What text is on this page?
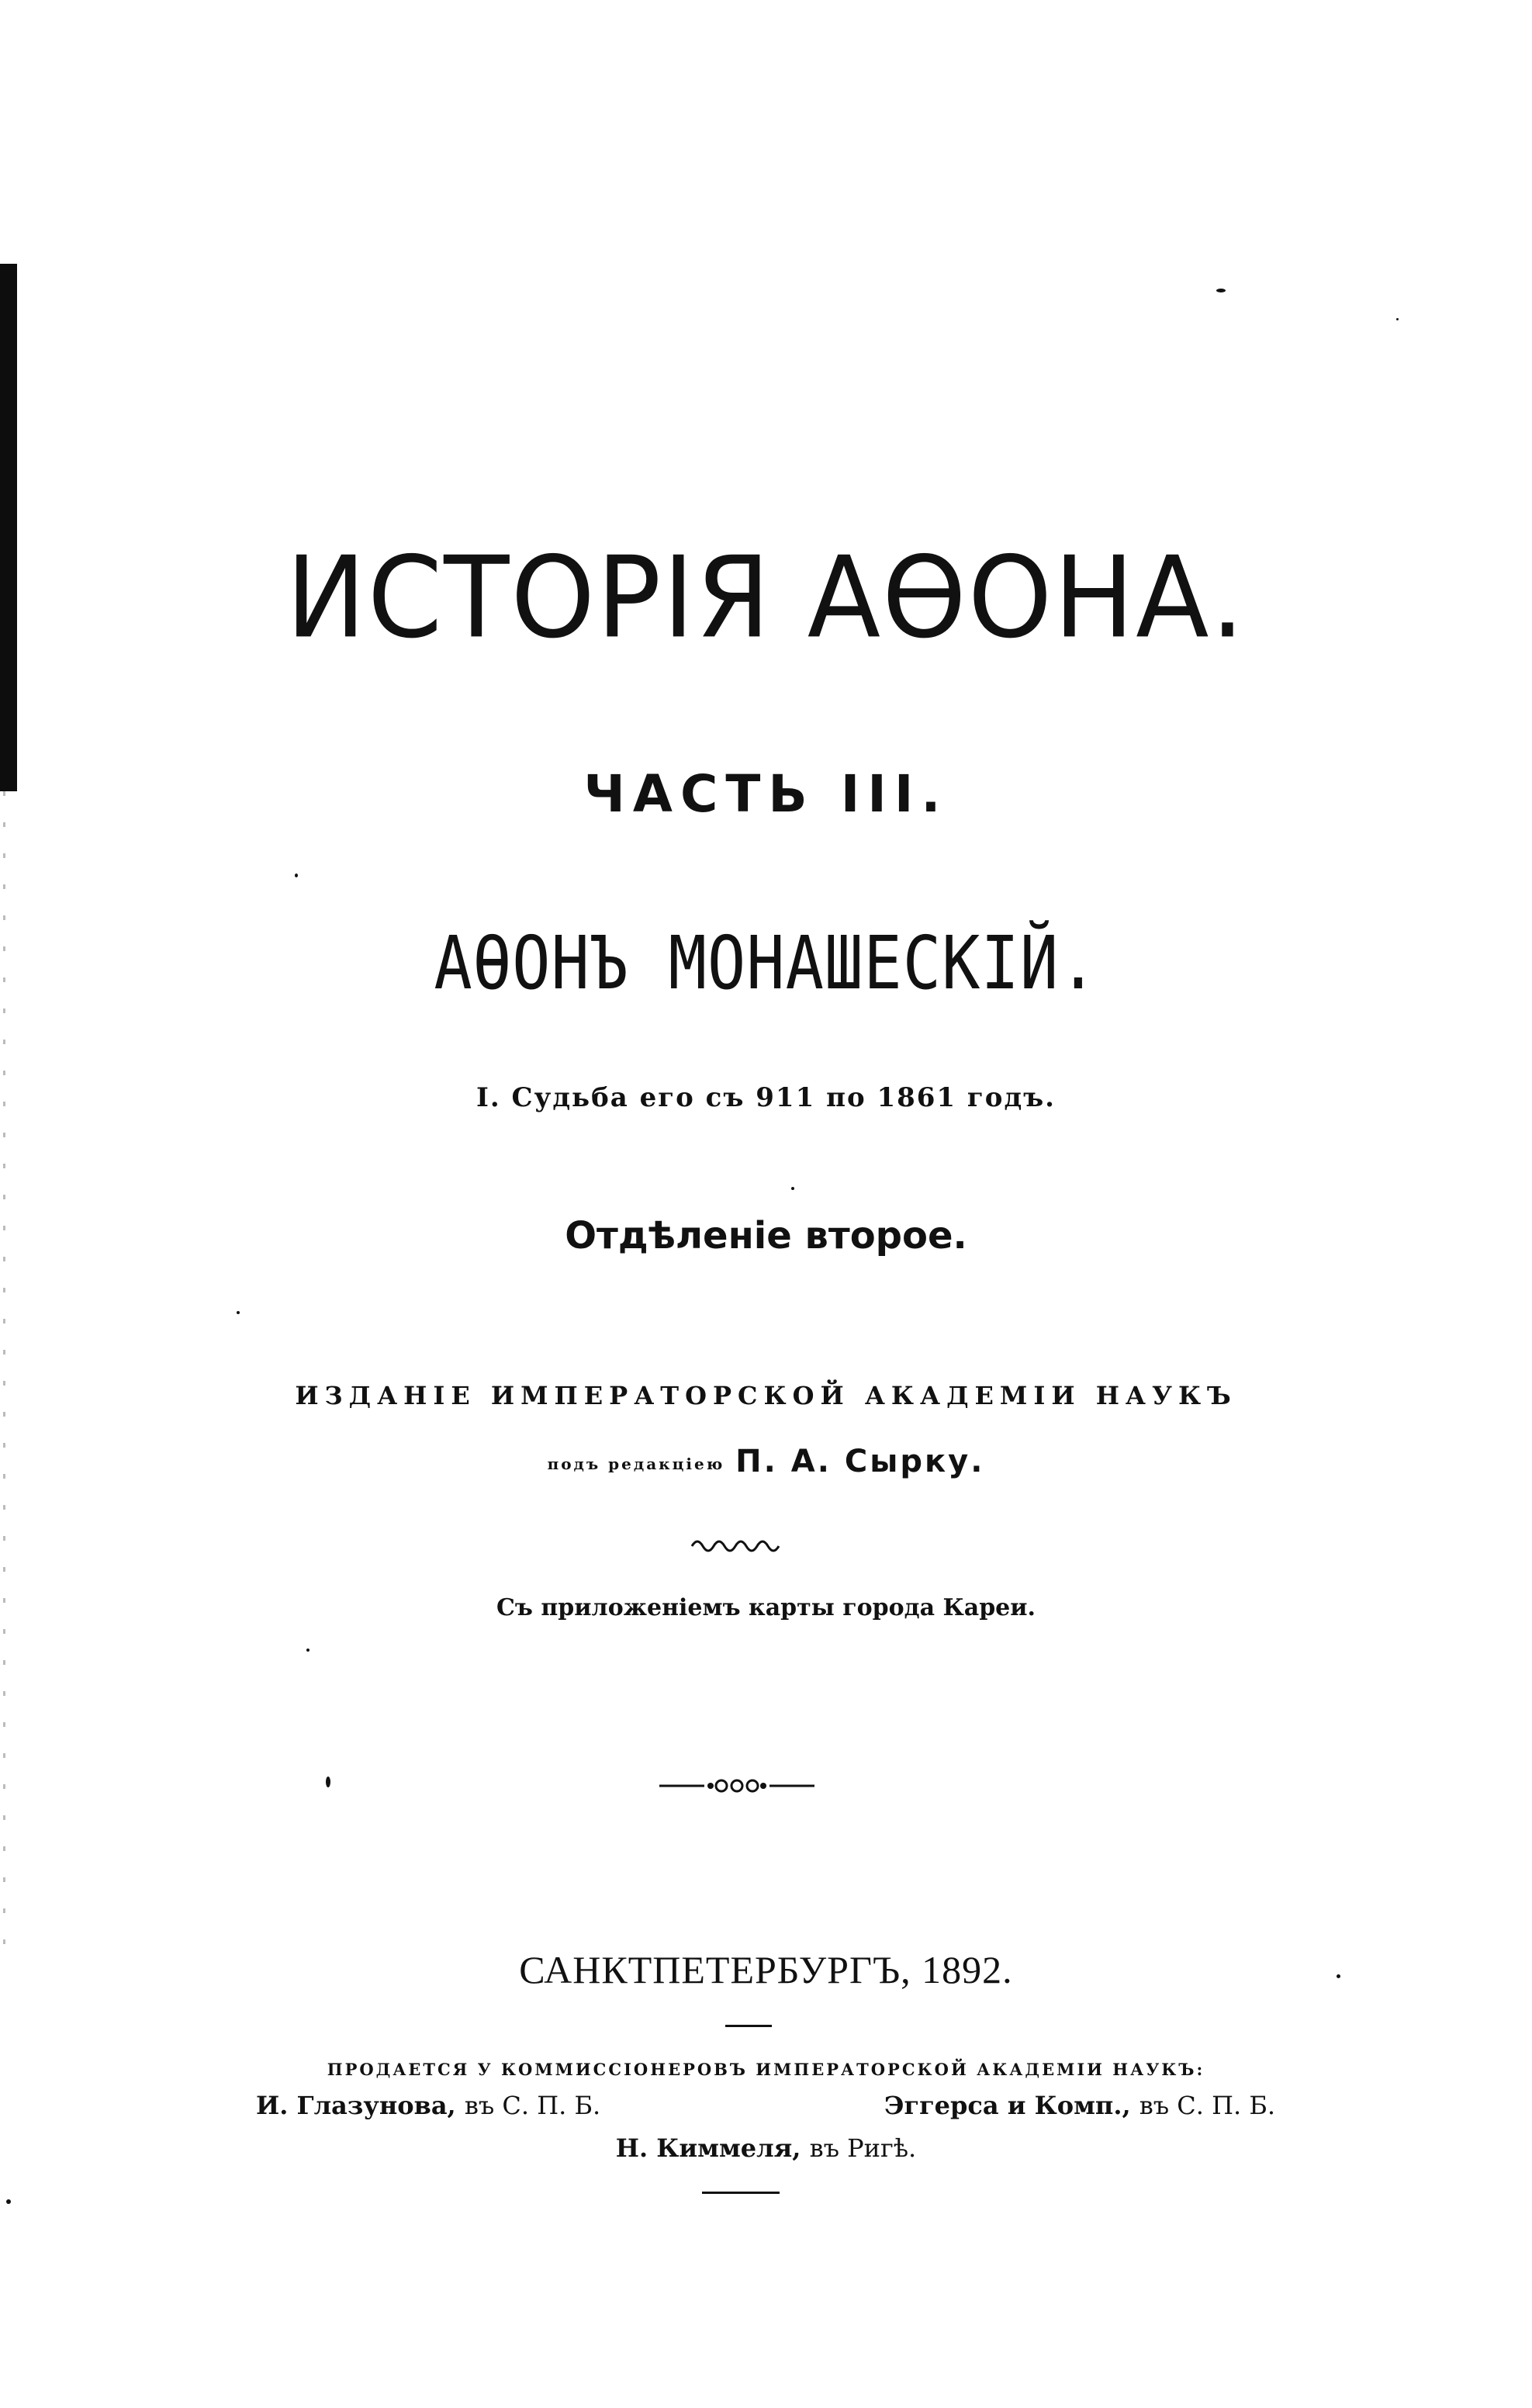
ИСТОРІЯ АѲОНА.
ЧАСТЬ III.
АѲОНЪ МОНАШЕСКІЙ.
I. Судьба его съ 911 по 1861 годъ.
Отдѣленіе второе.
ИЗДАНІЕ ИМПЕРАТОРСКОЙ АКАДЕМІИ НАУКЪ
подъ редакціею П. А. Сырку.
Съ приложеніемъ карты города Кареи.
САНКТПЕТЕРБУРГЪ, 1892.
ПРОДАЕТСЯ У КОММИССІОНЕРОВЪ ИМПЕРАТОРСКОЙ АКАДЕМІИ НАУКЪ:
И. Глазунова, въ С. П. Б.	Эггерса и Комп., въ С. П. Б.
Н. Киммеля, въ Ригѣ.
